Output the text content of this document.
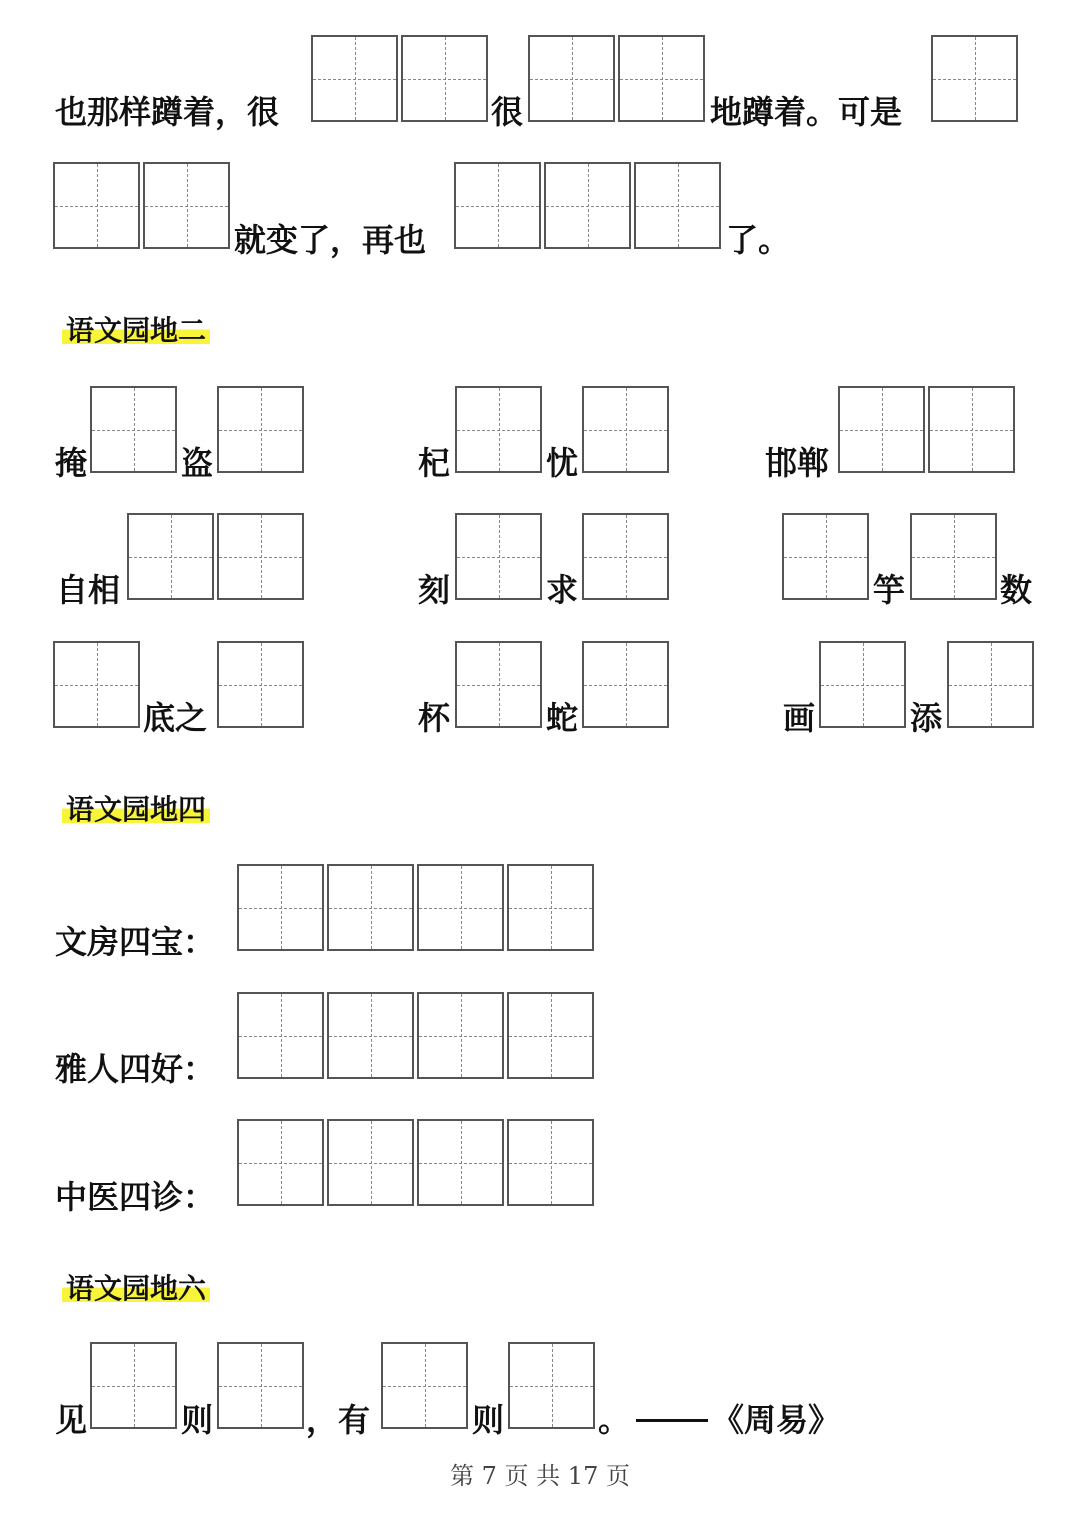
也那样蹲着，很	很	地蹲着。可是
就变了，再也	了。
语文园地二
掩	盗	杞	忧	邯郸
自相	刻	求	竽	数
底之	杯	蛇	画	添
语文园地四
文房四宝：
雅人四好：
中医四诊：
语文园地六
见	则	，有	则	。	《周易》
第 7 页 共 17 页
